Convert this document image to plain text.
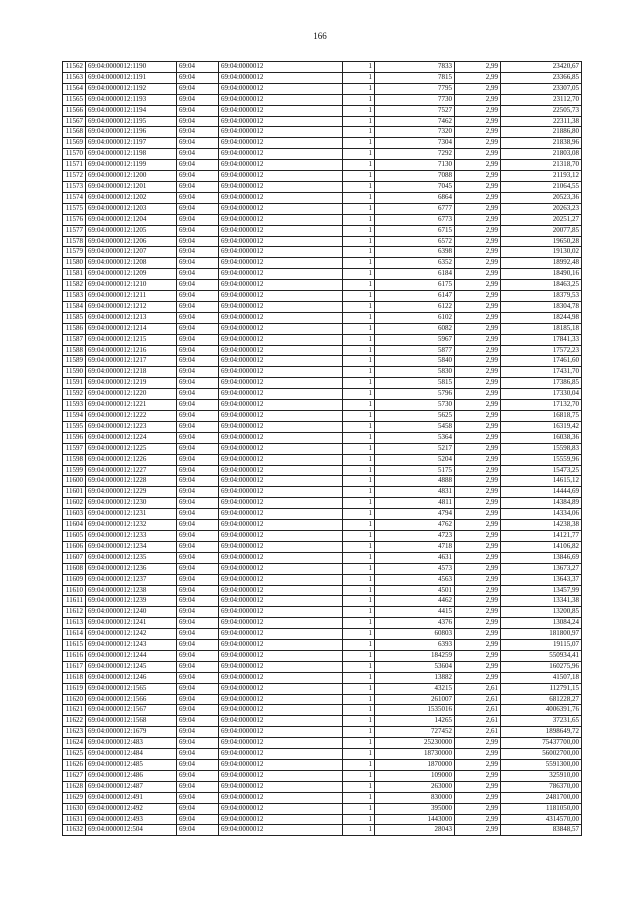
166
11562	69:04:0000012:1190	69:04	69:04:0000012	1	7833	2,99	23420,67
11563	69:04:0000012:1191	69:04	69:04:0000012	1	7815	2,99	23366,85
11564	69:04:0000012:1192	69:04	69:04:0000012	1	7795	2,99	23307,05
11565	69:04:0000012:1193	69:04	69:04:0000012	1	7730	2,99	23112,70
11566	69:04:0000012:1194	69:04	69:04:0000012	1	7527	2,99	22505,73
11567	69:04:0000012:1195	69:04	69:04:0000012	1	7462	2,99	22311,38
11568	69:04:0000012:1196	69:04	69:04:0000012	1	7320	2,99	21886,80
11569	69:04:0000012:1197	69:04	69:04:0000012	1	7304	2,99	21838,96
11570	69:04:0000012:1198	69:04	69:04:0000012	1	7292	2,99	21803,08
11571	69:04:0000012:1199	69:04	69:04:0000012	1	7130	2,99	21318,70
11572	69:04:0000012:1200	69:04	69:04:0000012	1	7088	2,99	21193,12
11573	69:04:0000012:1201	69:04	69:04:0000012	1	7045	2,99	21064,55
11574	69:04:0000012:1202	69:04	69:04:0000012	1	6864	2,99	20523,36
11575	69:04:0000012:1203	69:04	69:04:0000012	1	6777	2,99	20263,23
11576	69:04:0000012:1204	69:04	69:04:0000012	1	6773	2,99	20251,27
11577	69:04:0000012:1205	69:04	69:04:0000012	1	6715	2,99	20077,85
11578	69:04:0000012:1206	69:04	69:04:0000012	1	6572	2,99	19650,28
11579	69:04:0000012:1207	69:04	69:04:0000012	1	6398	2,99	19130,02
11580	69:04:0000012:1208	69:04	69:04:0000012	1	6352	2,99	18992,48
11581	69:04:0000012:1209	69:04	69:04:0000012	1	6184	2,99	18490,16
11582	69:04:0000012:1210	69:04	69:04:0000012	1	6175	2,99	18463,25
11583	69:04:0000012:1211	69:04	69:04:0000012	1	6147	2,99	18379,53
11584	69:04:0000012:1212	69:04	69:04:0000012	1	6122	2,99	18304,78
11585	69:04:0000012:1213	69:04	69:04:0000012	1	6102	2,99	18244,98
11586	69:04:0000012:1214	69:04	69:04:0000012	1	6082	2,99	18185,18
11587	69:04:0000012:1215	69:04	69:04:0000012	1	5967	2,99	17841,33
11588	69:04:0000012:1216	69:04	69:04:0000012	1	5877	2,99	17572,23
11589	69:04:0000012:1217	69:04	69:04:0000012	1	5840	2,99	17461,60
11590	69:04:0000012:1218	69:04	69:04:0000012	1	5830	2,99	17431,70
11591	69:04:0000012:1219	69:04	69:04:0000012	1	5815	2,99	17386,85
11592	69:04:0000012:1220	69:04	69:04:0000012	1	5796	2,99	17330,04
11593	69:04:0000012:1221	69:04	69:04:0000012	1	5730	2,99	17132,70
11594	69:04:0000012:1222	69:04	69:04:0000012	1	5625	2,99	16818,75
11595	69:04:0000012:1223	69:04	69:04:0000012	1	5458	2,99	16319,42
11596	69:04:0000012:1224	69:04	69:04:0000012	1	5364	2,99	16038,36
11597	69:04:0000012:1225	69:04	69:04:0000012	1	5217	2,99	15598,83
11598	69:04:0000012:1226	69:04	69:04:0000012	1	5204	2,99	15559,96
11599	69:04:0000012:1227	69:04	69:04:0000012	1	5175	2,99	15473,25
11600	69:04:0000012:1228	69:04	69:04:0000012	1	4888	2,99	14615,12
11601	69:04:0000012:1229	69:04	69:04:0000012	1	4831	2,99	14444,69
11602	69:04:0000012:1230	69:04	69:04:0000012	1	4811	2,99	14384,89
11603	69:04:0000012:1231	69:04	69:04:0000012	1	4794	2,99	14334,06
11604	69:04:0000012:1232	69:04	69:04:0000012	1	4762	2,99	14238,38
11605	69:04:0000012:1233	69:04	69:04:0000012	1	4723	2,99	14121,77
11606	69:04:0000012:1234	69:04	69:04:0000012	1	4718	2,99	14106,82
11607	69:04:0000012:1235	69:04	69:04:0000012	1	4631	2,99	13846,69
11608	69:04:0000012:1236	69:04	69:04:0000012	1	4573	2,99	13673,27
11609	69:04:0000012:1237	69:04	69:04:0000012	1	4563	2,99	13643,37
11610	69:04:0000012:1238	69:04	69:04:0000012	1	4501	2,99	13457,99
11611	69:04:0000012:1239	69:04	69:04:0000012	1	4462	2,99	13341,38
11612	69:04:0000012:1240	69:04	69:04:0000012	1	4415	2,99	13200,85
11613	69:04:0000012:1241	69:04	69:04:0000012	1	4376	2,99	13084,24
11614	69:04:0000012:1242	69:04	69:04:0000012	1	60803	2,99	181800,97
11615	69:04:0000012:1243	69:04	69:04:0000012	1	6393	2,99	19115,07
11616	69:04:0000012:1244	69:04	69:04:0000012	1	184259	2,99	550934,41
11617	69:04:0000012:1245	69:04	69:04:0000012	1	53604	2,99	160275,96
11618	69:04:0000012:1246	69:04	69:04:0000012	1	13882	2,99	41507,18
11619	69:04:0000012:1565	69:04	69:04:0000012	1	43215	2,61	112791,15
11620	69:04:0000012:1566	69:04	69:04:0000012	1	261007	2,61	681228,27
11621	69:04:0000012:1567	69:04	69:04:0000012	1	1535016	2,61	4006391,76
11622	69:04:0000012:1568	69:04	69:04:0000012	1	14265	2,61	37231,65
11623	69:04:0000012:1679	69:04	69:04:0000012	1	727452	2,61	1898649,72
11624	69:04:0000012:483	69:04	69:04:0000012	1	25230000	2,99	75437700,00
11625	69:04:0000012:484	69:04	69:04:0000012	1	18730000	2,99	56002700,00
11626	69:04:0000012:485	69:04	69:04:0000012	1	1870000	2,99	5591300,00
11627	69:04:0000012:486	69:04	69:04:0000012	1	109000	2,99	325910,00
11628	69:04:0000012:487	69:04	69:04:0000012	1	263000	2,99	786370,00
11629	69:04:0000012:491	69:04	69:04:0000012	1	830000	2,99	2481700,00
11630	69:04:0000012:492	69:04	69:04:0000012	1	395000	2,99	1181050,00
11631	69:04:0000012:493	69:04	69:04:0000012	1	1443000	2,99	4314570,00
11632	69:04:0000012:504	69:04	69:04:0000012	1	28043	2,99	83848,57
